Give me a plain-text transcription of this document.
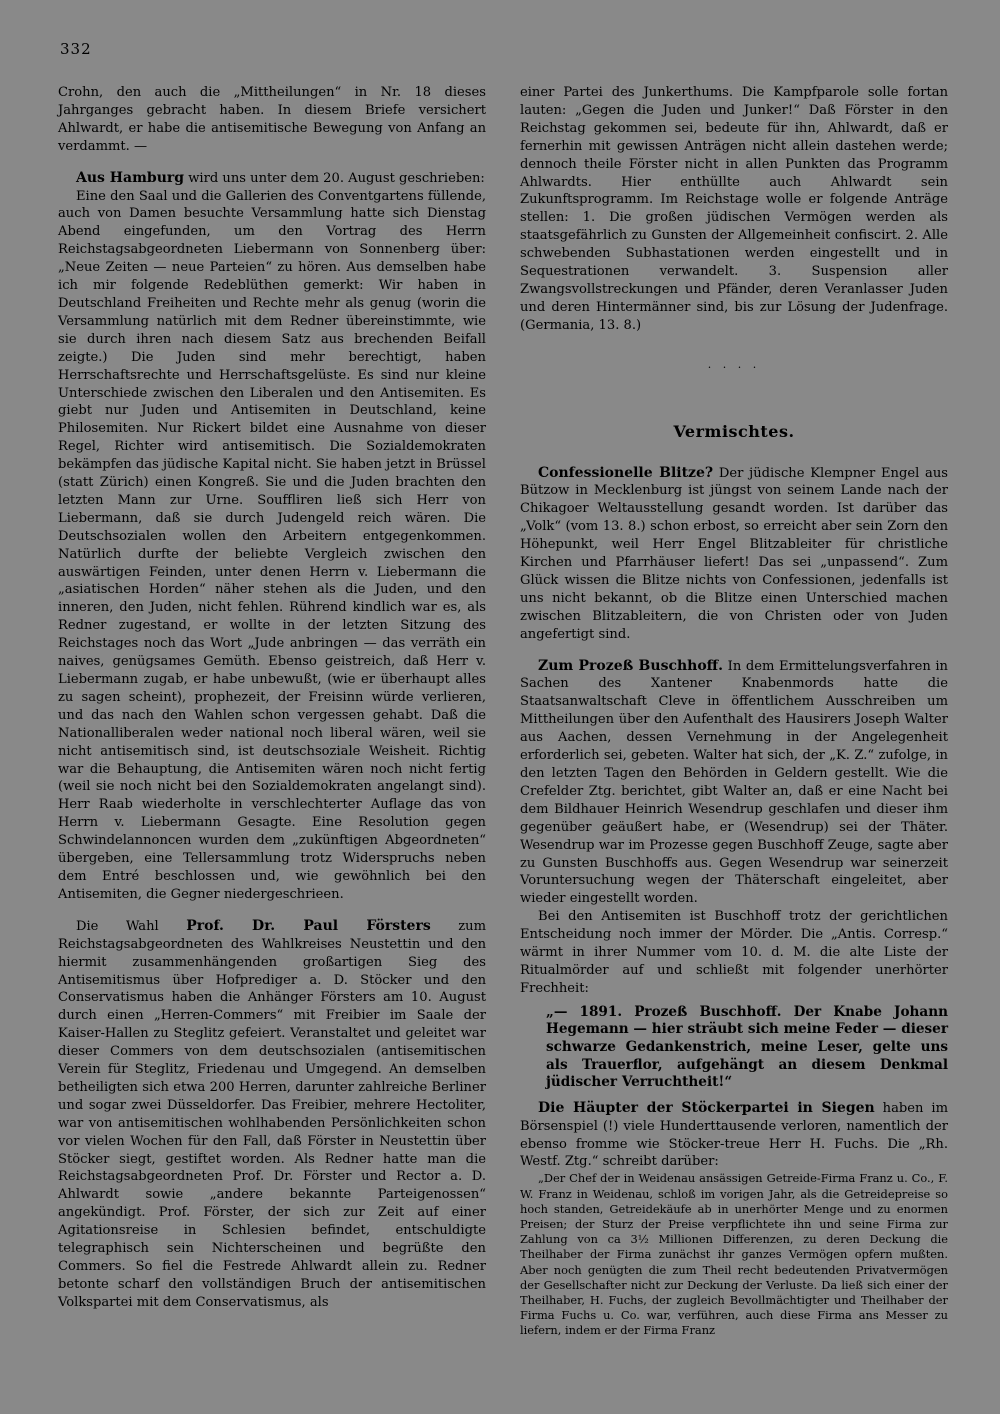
332

Crohn, den auch die „Mittheilungen“ in Nr. 18 dieses Jahrganges gebracht haben. In diesem Briefe versichert Ahlwardt, er habe die antisemitische Bewegung von Anfang an verdammt. —

Aus Hamburg wird uns unter dem 20. August geschrieben:

Eine den Saal und die Gallerien des Conventgartens füllende, auch von Damen besuchte Versammlung hatte sich Dienstag Abend eingefunden, um den Vortrag des Herrn Reichstagsabgeordneten Liebermann von Sonnenberg über: „Neue Zeiten — neue Parteien“ zu hören. Aus demselben habe ich mir folgende Redeblüthen gemerkt: Wir haben in Deutschland Freiheiten und Rechte mehr als genug (worin die Versammlung natürlich mit dem Redner übereinstimmte, wie sie durch ihren nach diesem Satz aus brechenden Beifall zeigte.) Die Juden sind mehr berechtigt, haben Herrschaftsrechte und Herrschaftsgelüste. Es sind nur kleine Unterschiede zwischen den Liberalen und den Antisemiten. Es giebt nur Juden und Antisemiten in Deutschland, keine Philosemiten. Nur Rickert bildet eine Ausnahme von dieser Regel, Richter wird antisemitisch. Die Sozialdemokraten bekämpfen das jüdische Kapital nicht. Sie haben jetzt in Brüssel (statt Zürich) einen Kongreß. Sie und die Juden brachten den letzten Mann zur Urne. Souffliren ließ sich Herr von Liebermann, daß sie durch Judengeld reich wären. Die Deutschsozialen wollen den Arbeitern entgegenkommen. Natürlich durfte der beliebte Vergleich zwischen den auswärtigen Feinden, unter denen Herrn v. Liebermann die „asiatischen Horden“ näher stehen als die Juden, und den inneren, den Juden, nicht fehlen. Rührend kindlich war es, als Redner zugestand, er wollte in der letzten Sitzung des Reichstages noch das Wort „Jude anbringen — das verräth ein naives, genügsames Gemüth. Ebenso geistreich, daß Herr v. Liebermann zugab, er habe unbewußt, (wie er überhaupt alles zu sagen scheint), prophezeit, der Freisinn würde verlieren, und das nach den Wahlen schon vergessen gehabt. Daß die Nationalliberalen weder national noch liberal wären, weil sie nicht antisemitisch sind, ist deutschsoziale Weisheit. Richtig war die Behauptung, die Antisemiten wären noch nicht fertig (weil sie noch nicht bei den Sozialdemokraten angelangt sind). Herr Raab wiederholte in verschlechterter Auflage das von Herrn v. Liebermann Gesagte. Eine Resolution gegen Schwindelannoncen wurden dem „zukünftigen Abgeordneten“ übergeben, eine Tellersammlung trotz Widerspruchs neben dem Entré beschlossen und, wie gewöhnlich bei den Antisemiten, die Gegner niedergeschrieen.

Die Wahl Prof. Dr. Paul Försters zum Reichstagsabgeordneten des Wahlkreises Neustettin und den hiermit zusammenhängenden großartigen Sieg des Antisemitismus über Hofprediger a. D. Stöcker und den Conservatismus haben die Anhänger Försters am 10. August durch einen „Herren-Commers“ mit Freibier im Saale der Kaiser-Hallen zu Steglitz gefeiert. Veranstaltet und geleitet war dieser Commers von dem deutschsozialen (antisemitischen Verein für Steglitz, Friedenau und Umgegend. An demselben betheiligten sich etwa 200 Herren, darunter zahlreiche Berliner und sogar zwei Düsseldorfer. Das Freibier, mehrere Hectoliter, war von antisemitischen wohlhabenden Persönlichkeiten schon vor vielen Wochen für den Fall, daß Förster in Neustettin über Stöcker siegt, gestiftet worden. Als Redner hatte man die Reichstagsabgeordneten Prof. Dr. Förster und Rector a. D. Ahlwardt sowie „andere bekannte Parteigenossen“ angekündigt. Prof. Förster, der sich zur Zeit auf einer Agitationsreise in Schlesien befindet, entschuldigte telegraphisch sein Nichterscheinen und begrüßte den Commers. So fiel die Festrede Ahlwardt allein zu. Redner betonte scharf den vollständigen Bruch der antisemitischen Volkspartei mit dem Conservatismus, als

einer Partei des Junkerthums. Die Kampfparole solle fortan lauten: „Gegen die Juden und Junker!“ Daß Förster in den Reichstag gekommen sei, bedeute für ihn, Ahlwardt, daß er fernerhin mit gewissen Anträgen nicht allein dastehen werde; dennoch theile Förster nicht in allen Punkten das Programm Ahlwardts. Hier enthüllte auch Ahlwardt sein Zukunftsprogramm. Im Reichstage wolle er folgende Anträge stellen: 1. Die großen jüdischen Vermögen werden als staatsgefährlich zu Gunsten der Allgemeinheit confiscirt. 2. Alle schwebenden Subhastationen werden eingestellt und in Sequestrationen verwandelt. 3. Suspension aller Zwangsvollstreckungen und Pfänder, deren Veranlasser Juden und deren Hintermänner sind, bis zur Lösung der Judenfrage. (Germania, 13. 8.)

· · · ·
Vermischtes.

Confessionelle Blitze? Der jüdische Klempner Engel aus Bützow in Mecklenburg ist jüngst von seinem Lande nach der Chikagoer Weltausstellung gesandt worden. Ist darüber das „Volk“ (vom 13. 8.) schon erbost, so erreicht aber sein Zorn den Höhepunkt, weil Herr Engel Blitzableiter für christliche Kirchen und Pfarrhäuser liefert! Das sei „unpassend“. Zum Glück wissen die Blitze nichts von Confessionen, jedenfalls ist uns nicht bekannt, ob die Blitze einen Unterschied machen zwischen Blitzableitern, die von Christen oder von Juden angefertigt sind.

Zum Prozeß Buschhoff. In dem Ermittelungsverfahren in Sachen des Xantener Knabenmords hatte die Staatsanwaltschaft Cleve in öffentlichem Ausschreiben um Mittheilungen über den Aufenthalt des Hausirers Joseph Walter aus Aachen, dessen Vernehmung in der Angelegenheit erforderlich sei, gebeten. Walter hat sich, der „K. Z.“ zufolge, in den letzten Tagen den Behörden in Geldern gestellt. Wie die Crefelder Ztg. berichtet, gibt Walter an, daß er eine Nacht bei dem Bildhauer Heinrich Wesendrup geschlafen und dieser ihm gegenüber geäußert habe, er (Wesendrup) sei der Thäter. Wesendrup war im Prozesse gegen Buschhoff Zeuge, sagte aber zu Gunsten Buschhoffs aus. Gegen Wesendrup war seinerzeit Voruntersuchung wegen der Thäterschaft eingeleitet, aber wieder eingestellt worden.

Bei den Antisemiten ist Buschhoff trotz der gerichtlichen Entscheidung noch immer der Mörder. Die „Antis. Corresp.“ wärmt in ihrer Nummer vom 10. d. M. die alte Liste der Ritualmörder auf und schließt mit folgender unerhörter Frechheit:

„— 1891. Prozeß Buschhoff. Der Knabe Johann Hegemann — hier sträubt sich meine Feder — dieser schwarze Gedankenstrich, meine Leser, gelte uns als Trauerflor, aufgehängt an diesem Denkmal jüdischer Verruchtheit!“

Die Häupter der Stöckerpartei in Siegen haben im Börsenspiel (!) viele Hunderttausende verloren, namentlich der ebenso fromme wie Stöcker-treue Herr H. Fuchs. Die „Rh. Westf. Ztg.“ schreibt darüber:

„Der Chef der in Weidenau ansässigen Getreide-Firma Franz u. Co., F. W. Franz in Weidenau, schloß im vorigen Jahr, als die Getreidepreise so hoch standen, Getreidekäufe ab in unerhörter Menge und zu enormen Preisen; der Sturz der Preise verpflichtete ihn und seine Firma zur Zahlung von ca 3½ Millionen Differenzen, zu deren Deckung die Theilhaber der Firma zunächst ihr ganzes Vermögen opfern mußten. Aber noch genügten die zum Theil recht bedeutenden Privatvermögen der Gesellschafter nicht zur Deckung der Verluste. Da ließ sich einer der Theilhaber, H. Fuchs, der zugleich Bevollmächtigter und Theilhaber der Firma Fuchs u. Co. war, verführen, auch diese Firma ans Messer zu liefern, indem er der Firma Franz
